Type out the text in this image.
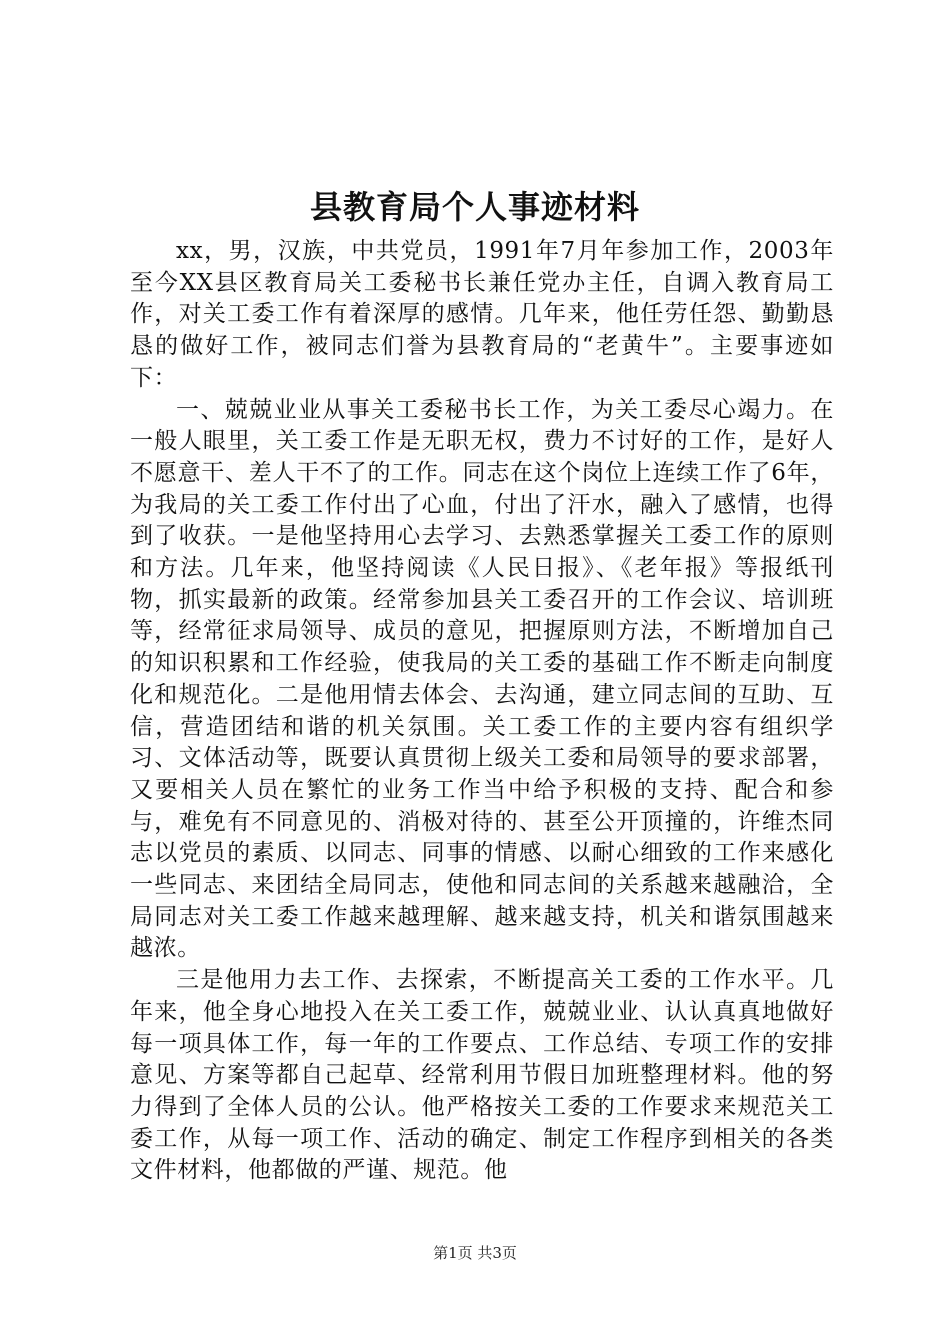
县教育局个人事迹材料

xx，男，汉族，中共党员，1991年7月年参加工作，2003年至今XX县区教育局关工委秘书长兼任党办主任，自调入教育局工作，对关工委工作有着深厚的感情。几年来，他任劳任怨、勤勤恳恳的做好工作，被同志们誉为县教育局的“老黄牛”。主要事迹如下：

一、兢兢业业从事关工委秘书长工作，为关工委尽心竭力。在一般人眼里，关工委工作是无职无权，费力不讨好的工作，是好人不愿意干、差人干不了的工作。同志在这个岗位上连续工作了6年，为我局的关工委工作付出了心血，付出了汗水，融入了感情，也得到了收获。一是他坚持用心去学习、去熟悉掌握关工委工作的原则和方法。几年来，他坚持阅读《人民日报》、《老年报》等报纸刊物，抓实最新的政策。经常参加县关工委召开的工作会议、培训班等，经常征求局领导、成员的意见，把握原则方法，不断增加自己的知识积累和工作经验，使我局的关工委的基础工作不断走向制度化和规范化。二是他用情去体会、去沟通，建立同志间的互助、互信，营造团结和谐的机关氛围。关工委工作的主要内容有组织学习、文体活动等，既要认真贯彻上级关工委和局领导的要求部署，又要相关人员在繁忙的业务工作当中给予积极的支持、配合和参与，难免有不同意见的、消极对待的、甚至公开顶撞的，许维杰同志以党员的素质、以同志、同事的情感、以耐心细致的工作来感化一些同志、来团结全局同志，使他和同志间的关系越来越融洽，全局同志对关工委工作越来越理解、越来越支持，机关和谐氛围越来越浓。

三是他用力去工作、去探索，不断提高关工委的工作水平。几年来，他全身心地投入在关工委工作，兢兢业业、认认真真地做好每一项具体工作，每一年的工作要点、工作总结、专项工作的安排意见、方案等都自己起草、经常利用节假日加班整理材料。他的努力得到了全体人员的公认。他严格按关工委的工作要求来规范关工委工作，从每一项工作、活动的确定、制定工作程序到相关的各类文件材料，他都做的严谨、规范。他

第1页 共3页
